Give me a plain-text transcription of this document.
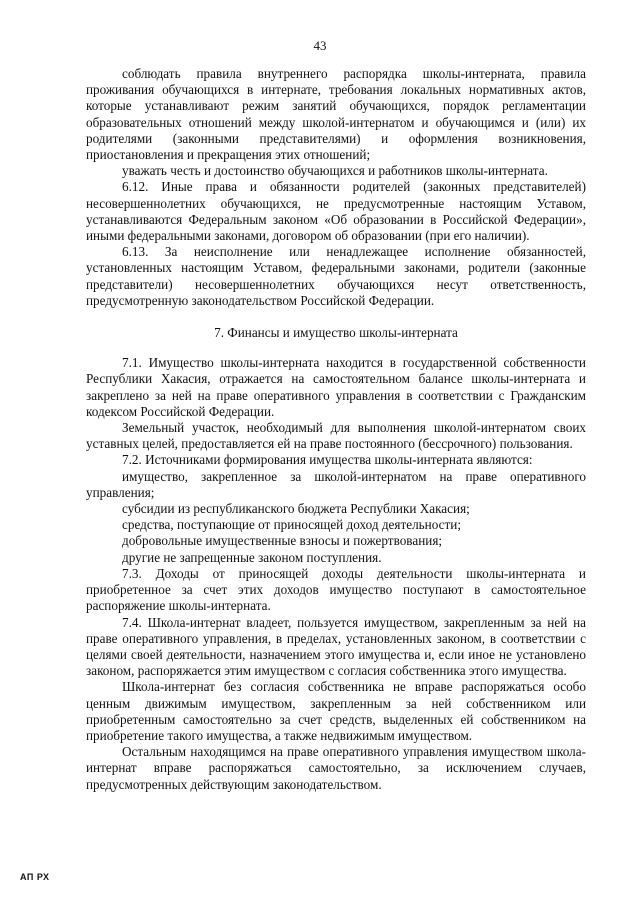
43

соблюдать правила внутреннего распорядка школы-интерната, правила проживания обучающихся в интернате, требования локальных нормативных актов, которые устанавливают режим занятий обучающихся, порядок регламентации образовательных отношений между школой-интернатом и обучающимся и (или) их родителями (законными представителями) и оформления возникновения, приостановления и прекращения этих отношений;

уважать честь и достоинство обучающихся и работников школы-интерната.

6.12. Иные права и обязанности родителей (законных представителей) несовершеннолетних обучающихся, не предусмотренные настоящим Уставом, устанавливаются Федеральным законом «Об образовании в Российской Федерации», иными федеральными законами, договором об образовании (при его наличии).

6.13. За неисполнение или ненадлежащее исполнение обязанностей, установленных настоящим Уставом, федеральными законами, родители (законные представители) несовершеннолетних обучающихся несут ответственность, предусмотренную законодательством Российской Федерации.

7. Финансы и имущество школы-интерната

7.1. Имущество школы-интерната находится в государственной собственности Республики Хакасия, отражается на самостоятельном балансе школы-интерната и закреплено за ней на праве оперативного управления в соответствии с Гражданским кодексом Российской Федерации.

Земельный участок, необходимый для выполнения школой-интернатом своих уставных целей, предоставляется ей на праве постоянного (бессрочного) пользования.

7.2. Источниками формирования имущества школы-интерната являются:

имущество, закрепленное за школой-интернатом на праве оперативного управления;

субсидии из республиканского бюджета Республики Хакасия;

средства, поступающие от приносящей доход деятельности;

добровольные имущественные взносы и пожертвования;

другие не запрещенные законом поступления.

7.3. Доходы от приносящей доходы деятельности школы-интерната и приобретенное за счет этих доходов имущество поступают в самостоятельное распоряжение школы-интерната.

7.4. Школа-интернат владеет, пользуется имуществом, закрепленным за ней на праве оперативного управления, в пределах, установленных законом, в соответствии с целями своей деятельности, назначением этого имущества и, если иное не установлено законом, распоряжается этим имуществом с согласия собственника этого имущества.

Школа-интернат без согласия собственника не вправе распоряжаться особо ценным движимым имуществом, закрепленным за ней собственником или приобретенным самостоятельно за счет средств, выделенных ей собственником на приобретение такого имущества, а также недвижимым имуществом.

Остальным находящимся на праве оперативного управления имуществом школа-интернат вправе распоряжаться самостоятельно, за исключением случаев, предусмотренных действующим законодательством.

АП РХ
